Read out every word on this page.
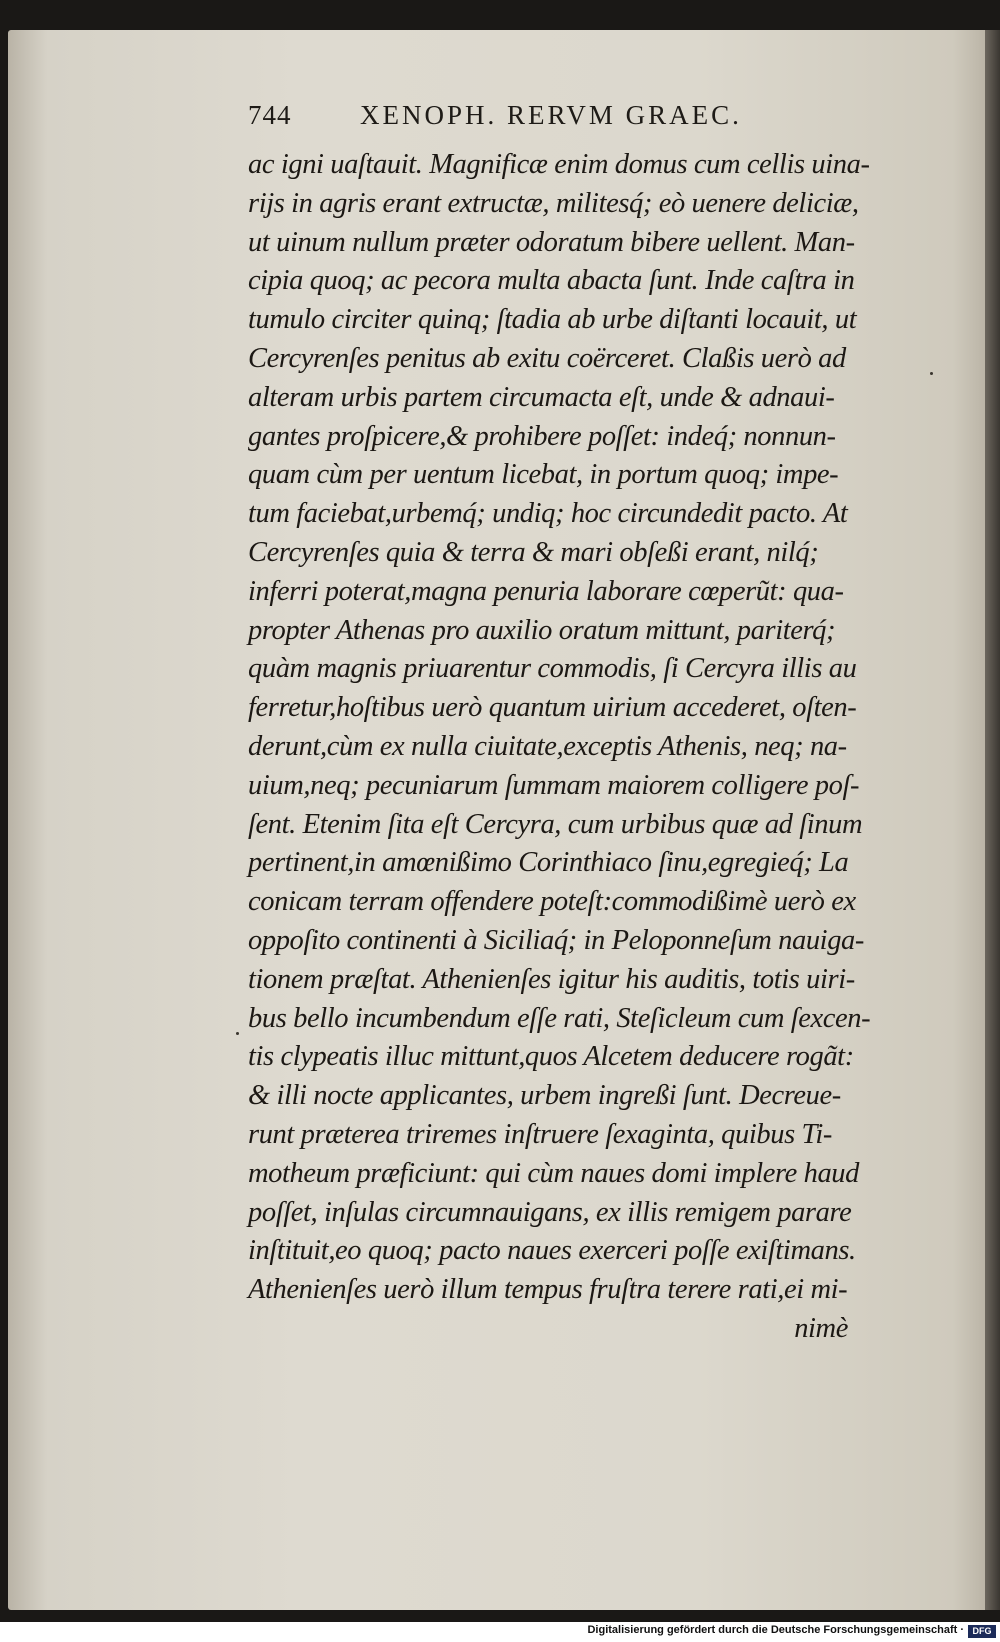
744	XENOPH. RERVM GRAEC.
ac igni uaſtauit. Magnificæ enim domus cum cellis uina-
rijs in agris erant extructæ, militesq́; eò uenere deliciæ,
ut uinum nullum præter odoratum bibere uellent. Man-
cipia quoq; ac pecora multa abacta ſunt. Inde caſtra in
tumulo circiter quinq; ſtadia ab urbe diſtanti locauit, ut
Cercyrenſes penitus ab exitu coërceret. Claßis uerò ad
alteram urbis partem circumacta eſt, unde & adnaui-
gantes proſpicere,& prohibere poſſet: indeq́; nonnun-
quam cùm per uentum licebat, in portum quoq; impe-
tum faciebat,urbemq́; undiq; hoc circundedit pacto. At
Cercyrenſes quia & terra & mari obſeßi erant, nilq́;
inferri poterat,magna penuria laborare cœperũt: qua-
propter Athenas pro auxilio oratum mittunt, pariterq́;
quàm magnis priuarentur commodis, ſi Cercyra illis au
ferretur,hoſtibus uerò quantum uirium accederet, oſten-
derunt,cùm ex nulla ciuitate,exceptis Athenis, neq; na-
uium,neq; pecuniarum ſummam maiorem colligere poſ-
ſent. Etenim ſita eſt Cercyra, cum urbibus quæ ad ſinum
pertinent,in amœnißimo Corinthiaco ſinu,egregieq́; La
conicam terram offendere poteſt:commodißimè uerò ex
oppoſito continenti à Siciliaq́; in Peloponneſum nauiga-
tionem præſtat. Athenienſes igitur his auditis, totis uiri-
bus bello incumbendum eſſe rati, Steſicleum cum ſexcen-
tis clypeatis illuc mittunt,quos Alcetem deducere rogãt:
& illi nocte applicantes, urbem ingreßi ſunt. Decreue-
runt præterea triremes inſtruere ſexaginta, quibus Ti-
motheum præficiunt: qui cùm naues domi implere haud
poſſet, inſulas circumnauigans, ex illis remigem parare
inſtituit,eo quoq; pacto naues exerceri poſſe exiſtimans.
Athenienſes uerò illum tempus fruſtra terere rati,ei mi-
nimè
Digitalisierung gefördert durch die Deutsche Forschungsgemeinschaft · DFG
